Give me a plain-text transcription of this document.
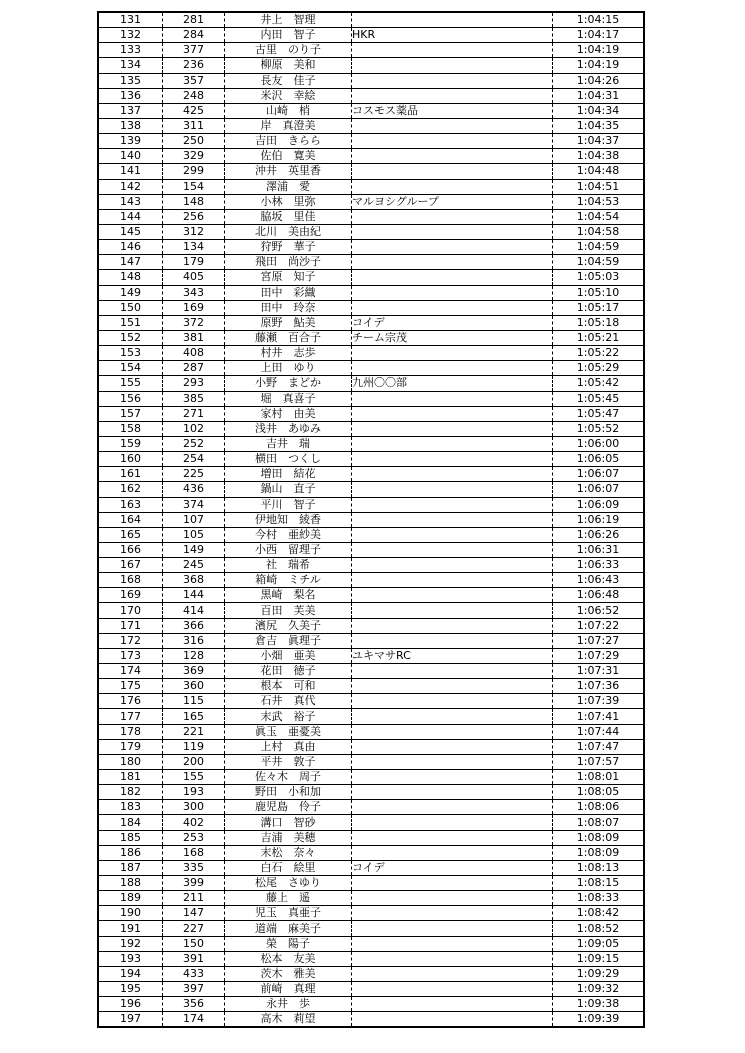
131	281	井上　智理		1:04:15
132	284	内田　智子	HKR	1:04:17
133	377	古里　のり子		1:04:19
134	236	柳原　美和		1:04:19
135	357	長友　佳子		1:04:26
136	248	米沢　幸絵		1:04:31
137	425	山崎　梢	コスモス薬品	1:04:34
138	311	岸　真澄美		1:04:35
139	250	吉田　きらら		1:04:37
140	329	佐伯　寛美		1:04:38
141	299	沖井　英里香		1:04:48
142	154	澤浦　愛		1:04:51
143	148	小林　里弥	マルヨシグループ	1:04:53
144	256	脇坂　里佳		1:04:54
145	312	北川　美由紀		1:04:58
146	134	狩野　華子		1:04:59
147	179	飛田　尚沙子		1:04:59
148	405	宮原　知子		1:05:03
149	343	田中　彩織		1:05:10
150	169	田中　玲奈		1:05:17
151	372	原野　鮎美	コイデ	1:05:18
152	381	藤瀬　百合子	チーム宗茂	1:05:21
153	408	村井　志歩		1:05:22
154	287	上田　ゆり		1:05:29
155	293	小野　まどか	九州〇〇部	1:05:42
156	385	堀　真喜子		1:05:45
157	271	家村　由美		1:05:47
158	102	浅井　あゆみ		1:05:52
159	252	吉井　瑞		1:06:00
160	254	横田　つくし		1:06:05
161	225	増田　結花		1:06:07
162	436	鍋山　直子		1:06:07
163	374	平川　智子		1:06:09
164	107	伊地知　綾香		1:06:19
165	105	今村　亜紗美		1:06:26
166	149	小西　留理子		1:06:31
167	245	社　瑞希		1:06:33
168	368	箱崎　ミチル		1:06:43
169	144	黒崎　梨名		1:06:48
170	414	百田　芙美		1:06:52
171	366	濱尻　久美子		1:07:22
172	316	倉吉　眞理子		1:07:27
173	128	小畑　亜美	ユキマサRC	1:07:29
174	369	花田　徳子		1:07:31
175	360	根本　可和		1:07:36
176	115	石井　真代		1:07:39
177	165	末武　裕子		1:07:41
178	221	眞玉　亜憂美		1:07:44
179	119	上村　真由		1:07:47
180	200	平井　敦子		1:07:57
181	155	佐々木　周子		1:08:01
182	193	野田　小和加		1:08:05
183	300	鹿児島　伶子		1:08:06
184	402	溝口　智砂		1:08:07
185	253	吉浦　美穂		1:08:09
186	168	末松　奈々		1:08:09
187	335	白石　絵里	コイデ	1:08:13
188	399	松尾　さゆり		1:08:15
189	211	藤上　遥		1:08:33
190	147	児玉　真亜子		1:08:42
191	227	道端　麻美子		1:08:52
192	150	榮　陽子		1:09:05
193	391	松本　友美		1:09:15
194	433	茨木　雅美		1:09:29
195	397	前崎　真理		1:09:32
196	356	永井　歩		1:09:38
197	174	高木　莉望		1:09:39
